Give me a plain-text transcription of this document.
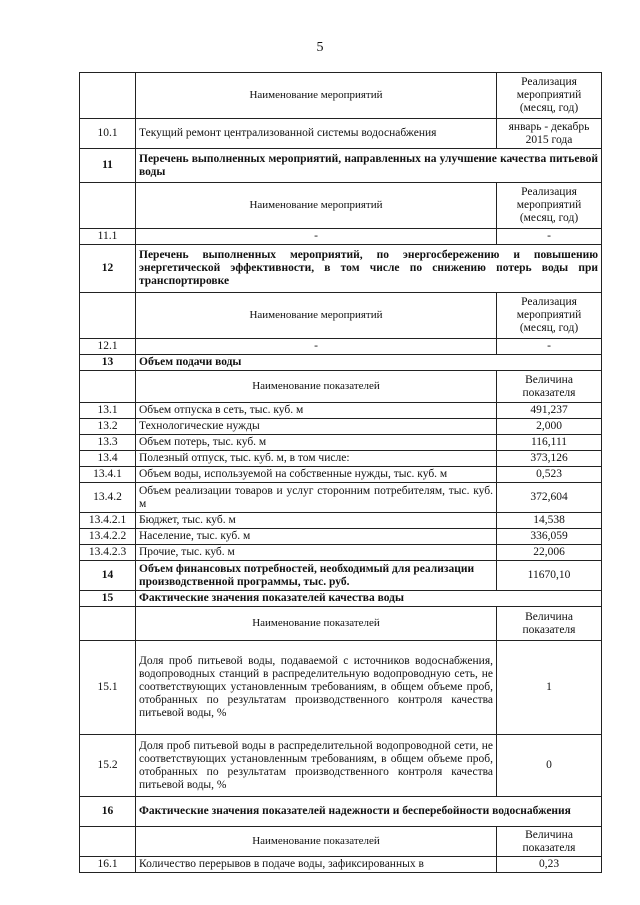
5
	Наименование мероприятий	Реализация мероприятий (месяц, год)
10.1	Текущий ремонт централизованной системы водоснабжения	январь - декабрь 2015 года
11	Перечень выполненных мероприятий, направленных на улучшение качества питьевой воды	
	Наименование мероприятий	Реализация мероприятий (месяц, год)
11.1	-	-
12	Перечень выполненных мероприятий, по энергосбережению и повышению энергетической эффективности, в том числе по снижению потерь воды при транспортировке	
	Наименование мероприятий	Реализация мероприятий (месяц, год)
12.1	-	-
13	Объем подачи воды	
	Наименование показателей	Величина показателя
13.1	Объем отпуска в сеть, тыс. куб. м	491,237
13.2	Технологические нужды	2,000
13.3	Объем потерь, тыс. куб. м	116,111
13.4	Полезный отпуск, тыс. куб. м, в том числе:	373,126
13.4.1	Объем воды, используемой на собственные нужды, тыс. куб. м	0,523
13.4.2	Объем реализации товаров и услуг сторонним потребителям, тыс. куб. м	372,604
13.4.2.1	Бюджет, тыс. куб. м	14,538
13.4.2.2	Население, тыс. куб. м	336,059
13.4.2.3	Прочие, тыс. куб. м	22,006
14	Объем финансовых потребностей, необходимый для реализации производственной программы, тыс. руб.	11670,10
15	Фактические значения показателей качества воды	
	Наименование показателей	Величина показателя
15.1	Доля проб питьевой воды, подаваемой с источников водоснабжения, водопроводных станций в распределительную водопроводную сеть, не соответствующих установленным требованиям, в общем объеме проб, отобранных по результатам производственного контроля качества питьевой воды, %	1
15.2	Доля проб питьевой воды в распределительной водопроводной сети, не соответствующих установленным требованиям, в общем объеме проб, отобранных по результатам производственного контроля качества питьевой воды, %	0
16	Фактические значения показателей надежности и бесперебойности водоснабжения	
	Наименование показателей	Величина показателя
16.1	Количество перерывов в подаче воды, зафиксированных в	0,23
